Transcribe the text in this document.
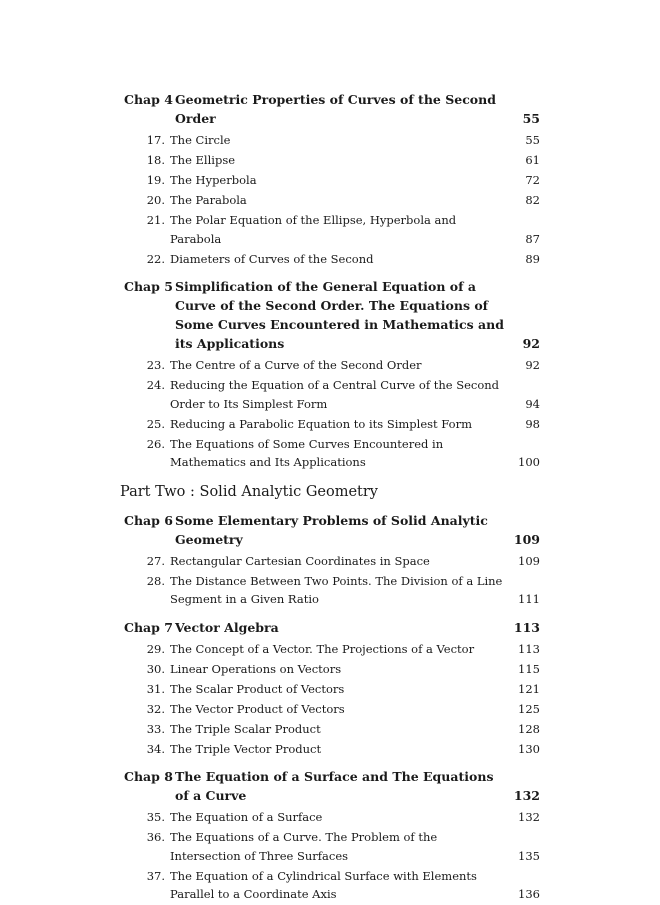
Chap 4 Geometric Properties of Curves of the Second Order	55
17. The Circle	55
18. The Ellipse	61
19. The Hyperbola	72
20. The Parabola	82
21. The Polar Equation of the Ellipse, Hyperbola and Parabola	87
22. Diameters of Curves of the Second	89
Chap 5 Simplification of the General Equation of a Curve of the Second Order. The Equations of Some Curves Encountered in Mathematics and its Applications	92
23. The Centre of a Curve of the Second Order	92
24. Reducing the Equation of a Central Curve of the Second Order to Its Simplest Form	94
25. Reducing a Parabolic Equation to its Simplest Form	98
26. The Equations of Some Curves Encountered in Mathematics and Its Applications	100
Part Two : Solid Analytic Geometry
Chap 6 Some Elementary Problems of Solid Analytic Geometry	109
27. Rectangular Cartesian Coordinates in Space	109
28. The Distance Between Two Points. The Division of a Line Segment in a Given Ratio	111
Chap 7 Vector Algebra	113
29. The Concept of a Vector. The Projections of a Vector	113
30. Linear Operations on Vectors	115
31. The Scalar Product of Vectors	121
32. The Vector Product of Vectors	125
33. The Triple Scalar Product	128
34. The Triple Vector Product	130
Chap 8 The Equation of a Surface and The Equations of a Curve	132
35. The Equation of a Surface	132
36. The Equations of a Curve. The Problem of the Intersection of Three Surfaces	135
37. The Equation of a Cylindrical Surface with Elements Parallel to a Coordinate Axis	136
